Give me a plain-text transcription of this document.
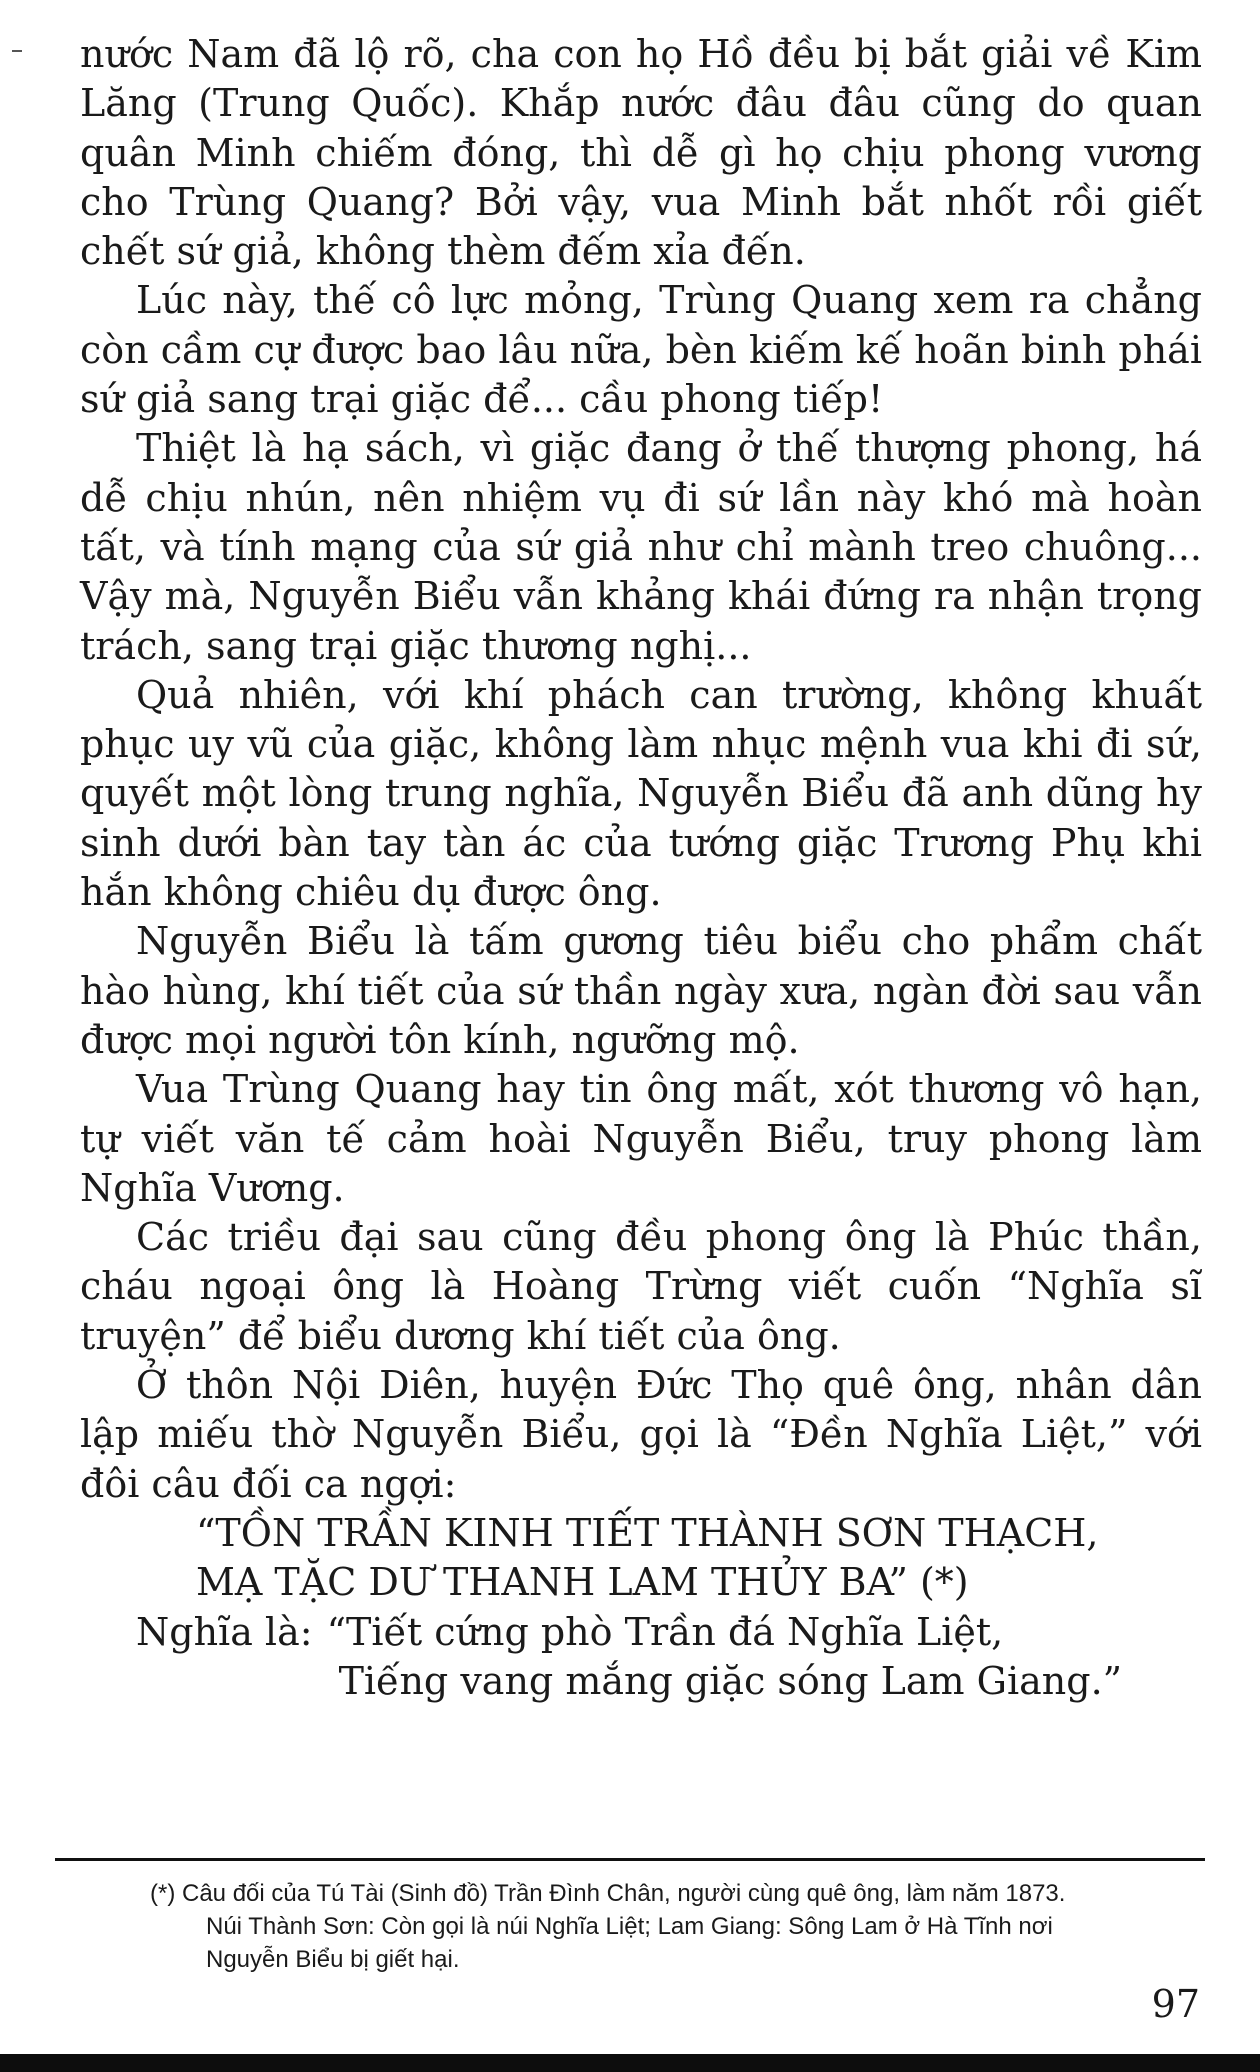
nước Nam đã lộ rõ, cha con họ Hồ đều bị bắt giải về Kim Lăng (Trung Quốc). Khắp nước đâu đâu cũng do quan quân Minh chiếm đóng, thì dễ gì họ chịu phong vương cho Trùng Quang? Bởi vậy, vua Minh bắt nhốt rồi giết chết sứ giả, không thèm đếm xỉa đến.

Lúc này, thế cô lực mỏng, Trùng Quang xem ra chẳng còn cầm cự được bao lâu nữa, bèn kiếm kế hoãn binh phái sứ giả sang trại giặc để... cầu phong tiếp!

Thiệt là hạ sách, vì giặc đang ở thế thượng phong, há dễ chịu nhún, nên nhiệm vụ đi sứ lần này khó mà hoàn tất, và tính mạng của sứ giả như chỉ mành treo chuông... Vậy mà, Nguyễn Biểu vẫn khảng khái đứng ra nhận trọng trách, sang trại giặc thương nghị...

Quả nhiên, với khí phách can trường, không khuất phục uy vũ của giặc, không làm nhục mệnh vua khi đi sứ, quyết một lòng trung nghĩa, Nguyễn Biểu đã anh dũng hy sinh dưới bàn tay tàn ác của tướng giặc Trương Phụ khi hắn không chiêu dụ được ông.

Nguyễn Biểu là tấm gương tiêu biểu cho phẩm chất hào hùng, khí tiết của sứ thần ngày xưa, ngàn đời sau vẫn được mọi người tôn kính, ngưỡng mộ.

Vua Trùng Quang hay tin ông mất, xót thương vô hạn, tự viết văn tế cảm hoài Nguyễn Biểu, truy phong làm Nghĩa Vương.

Các triều đại sau cũng đều phong ông là Phúc thần, cháu ngoại ông là Hoàng Trừng viết cuốn “Nghĩa sĩ truyện” để biểu dương khí tiết của ông.

Ở thôn Nội Diên, huyện Đức Thọ quê ông, nhân dân lập miếu thờ Nguyễn Biểu, gọi là “Đền Nghĩa Liệt,” với đôi câu đối ca ngợi:

“TỒN TRẦN KINH TIẾT THÀNH SƠN THẠCH,
MẠ TẶC DƯ THANH LAM THỦY BA” (*)
Nghĩa là: “Tiết cứng phò Trần đá Nghĩa Liệt,
Tiếng vang mắng giặc sóng Lam Giang.”
(*) Câu đối của Tú Tài (Sinh đồ) Trần Đình Chân, người cùng quê ông, làm năm 1873.
Núi Thành Sơn: Còn gọi là núi Nghĩa Liệt; Lam Giang: Sông Lam ở Hà Tĩnh nơi
Nguyễn Biểu bị giết hại.
97
